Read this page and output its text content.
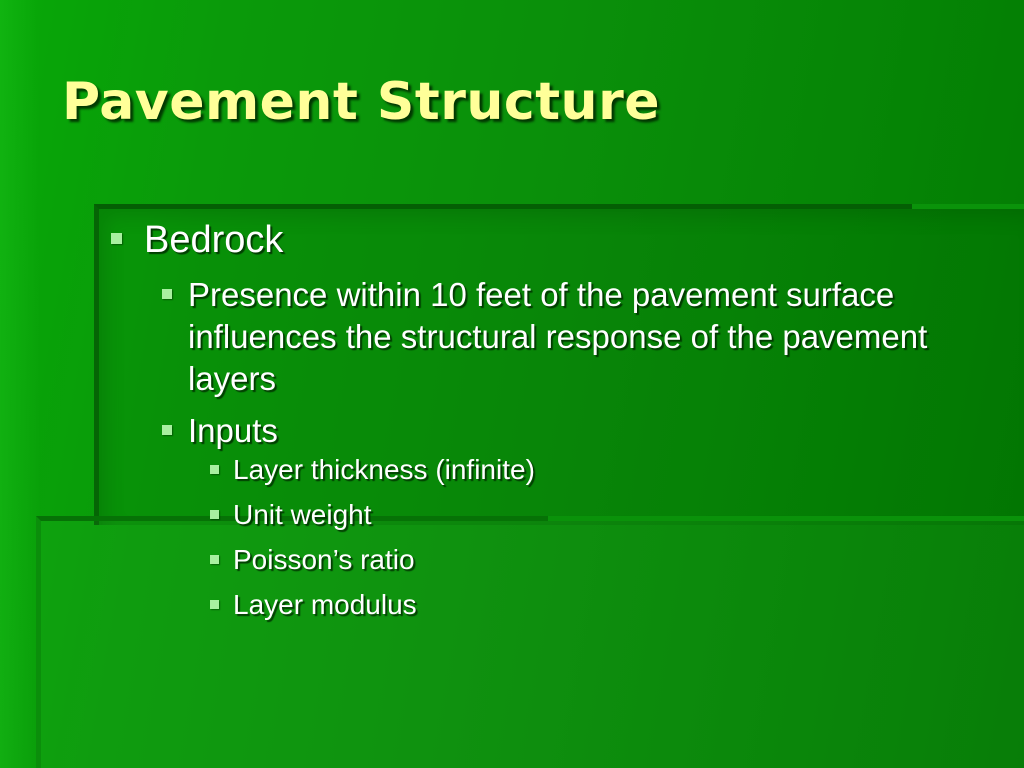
Pavement Structure
Bedrock
Presence within 10 feet of the pavement surface influences the structural response of the pavement layers
Inputs
Layer thickness (infinite)
Unit weight
Poisson’s ratio
Layer modulus
